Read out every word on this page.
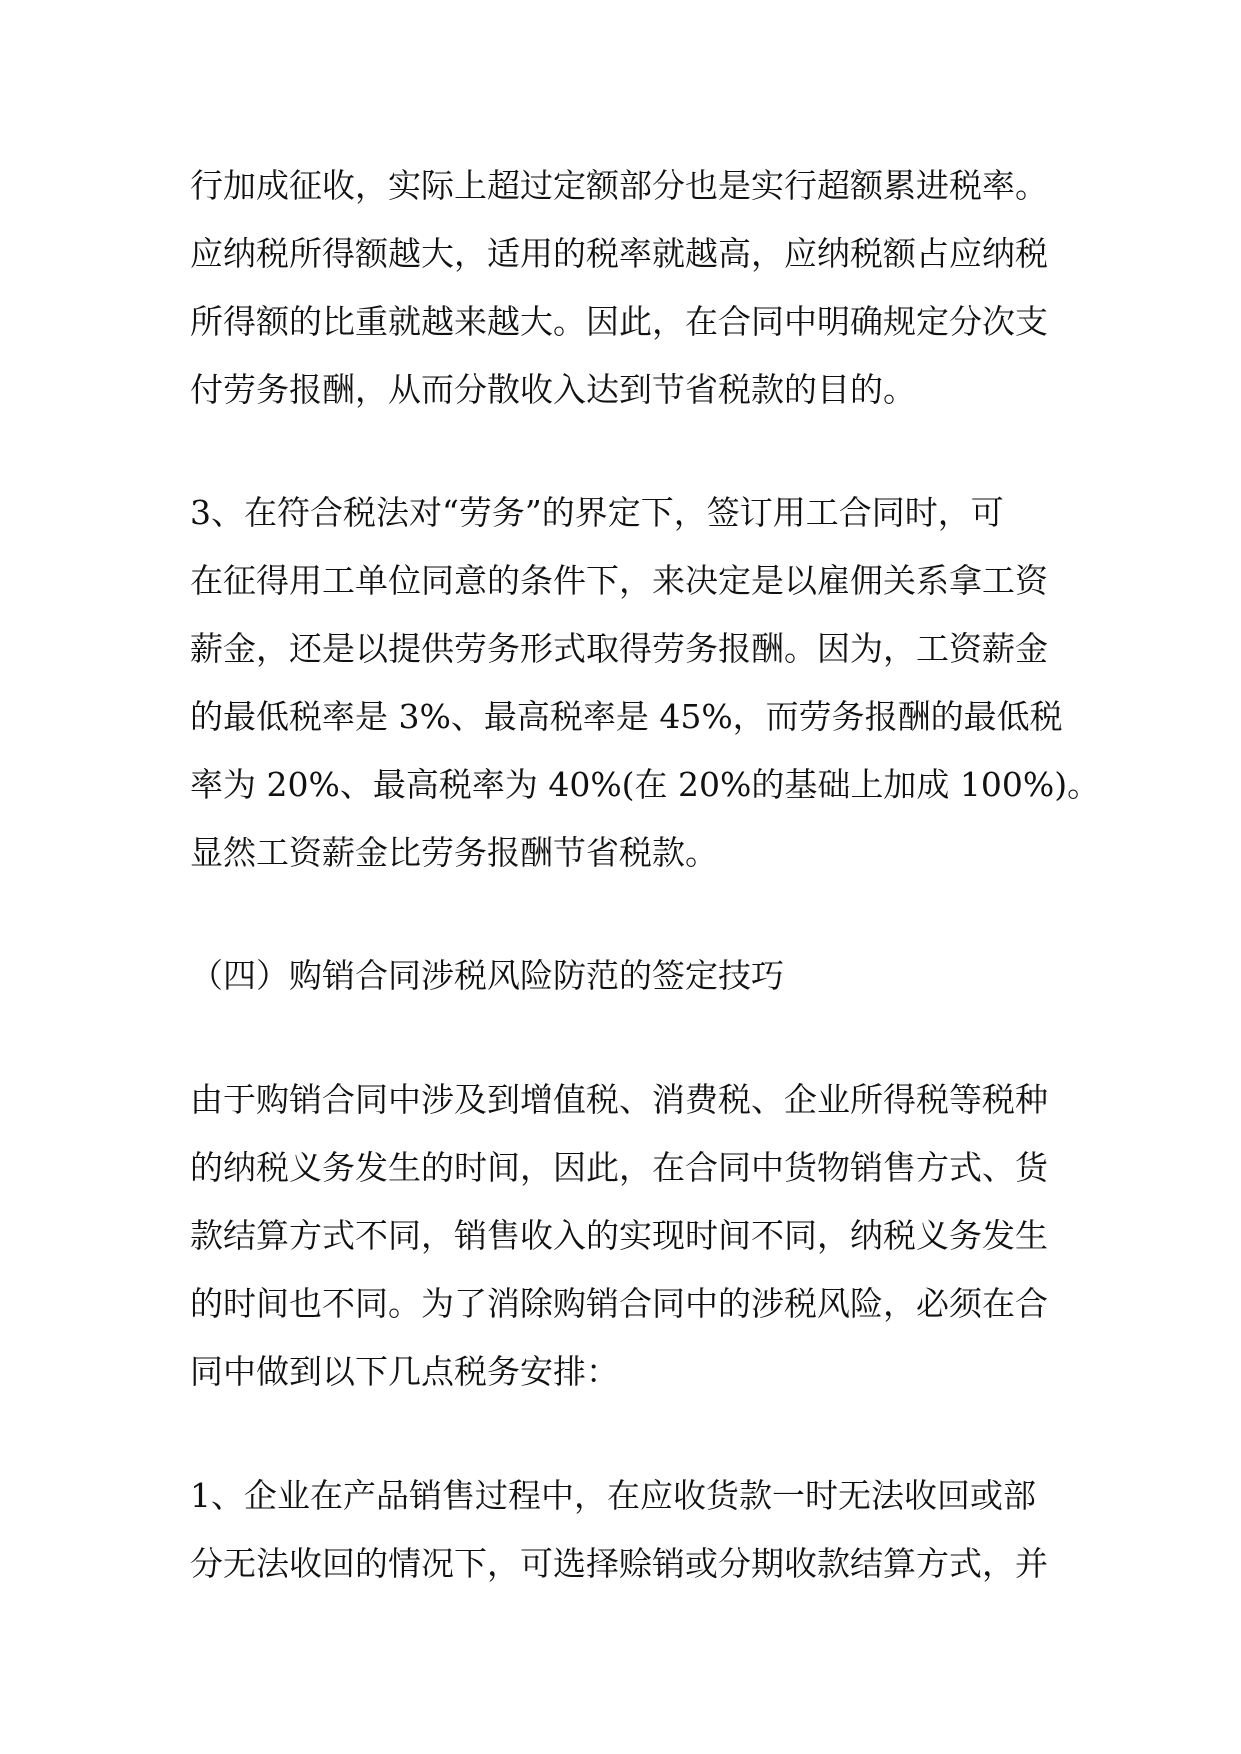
行加成征收，实际上超过定额部分也是实行超额累进税率。

应纳税所得额越大，适用的税率就越高，应纳税额占应纳税

所得额的比重就越来越大。因此，在合同中明确规定分次支

付劳务报酬，从而分散收入达到节省税款的目的。

3、在符合税法对“劳务”的界定下，签订用工合同时，可

在征得用工单位同意的条件下，来决定是以雇佣关系拿工资

薪金，还是以提供劳务形式取得劳务报酬。因为，工资薪金

的最低税率是 3%、最高税率是 45%，而劳务报酬的最低税

率为 20%、最高税率为 40%(在 20%的基础上加成 100%)。

显然工资薪金比劳务报酬节省税款。

（四）购销合同涉税风险防范的签定技巧

由于购销合同中涉及到增值税、消费税、企业所得税等税种

的纳税义务发生的时间，因此，在合同中货物销售方式、货

款结算方式不同，销售收入的实现时间不同，纳税义务发生

的时间也不同。为了消除购销合同中的涉税风险，必须在合

同中做到以下几点税务安排：

1、企业在产品销售过程中，在应收货款一时无法收回或部

分无法收回的情况下，可选择赊销或分期收款结算方式，并
